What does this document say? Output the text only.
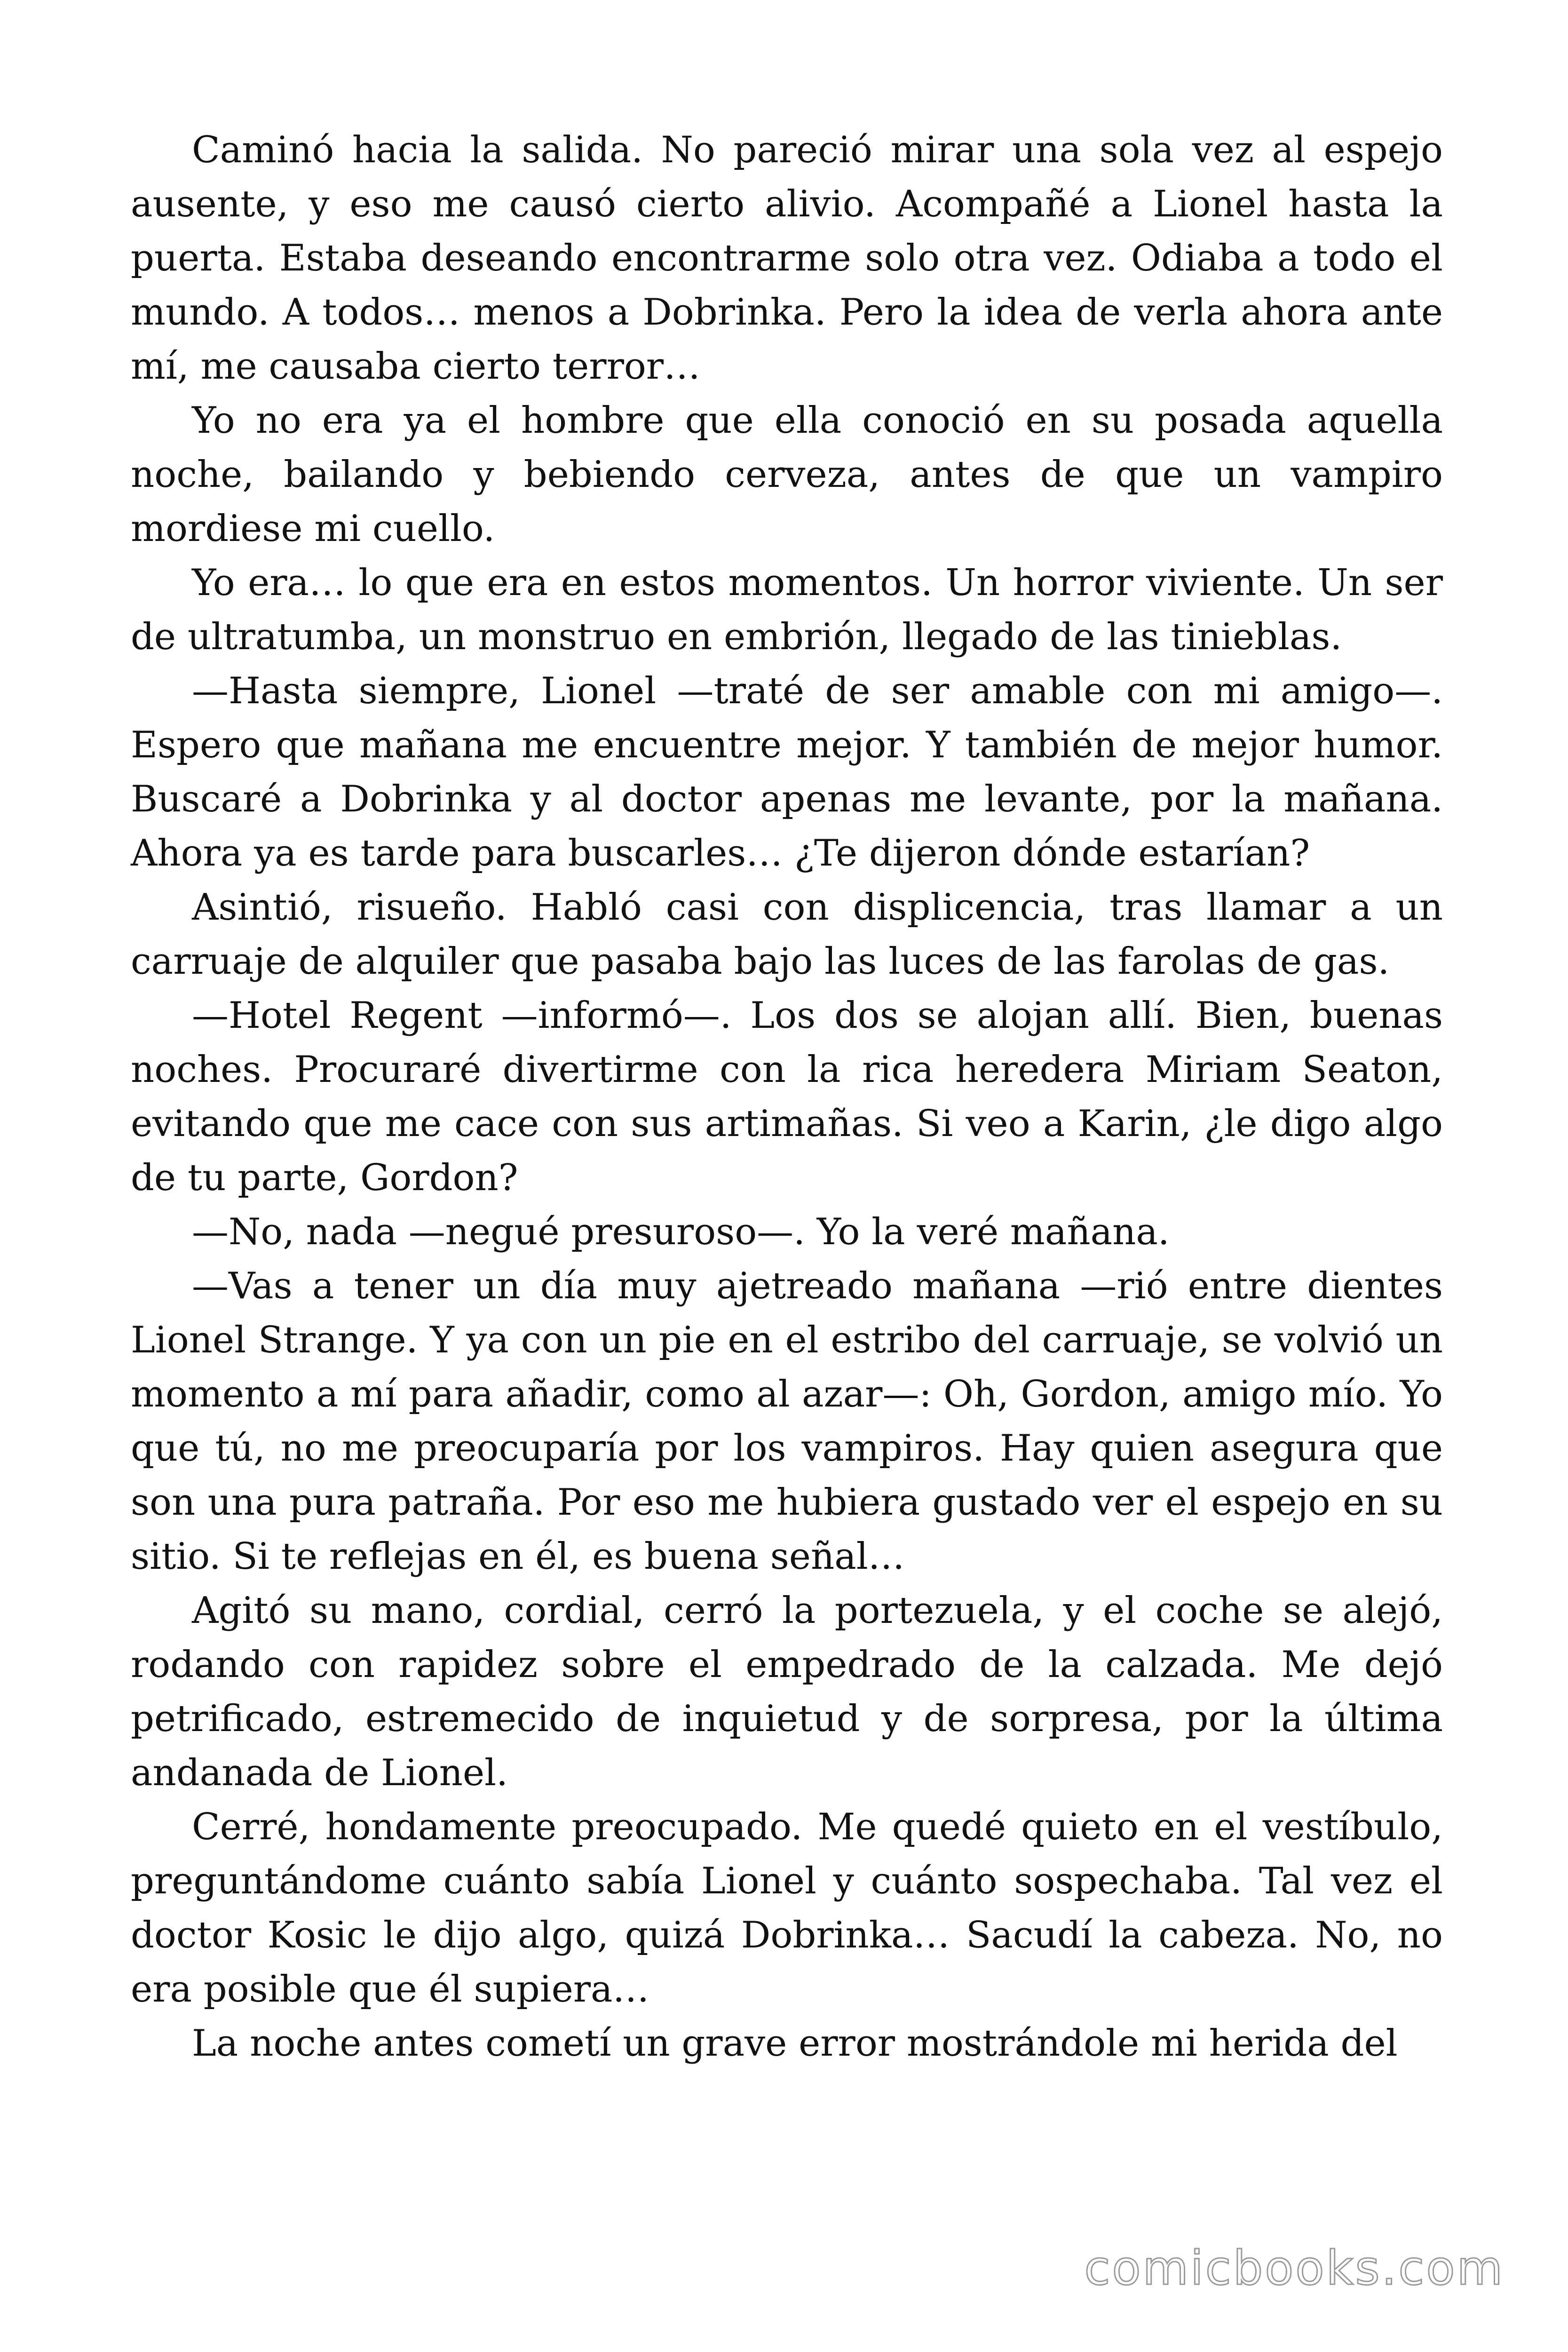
Caminó hacia la salida. No pareció mirar una sola vez al espejo ausente, y eso me causó cierto alivio. Acompañé a Lionel hasta la puerta. Estaba deseando encontrarme solo otra vez. Odiaba a todo el mundo. A todos… menos a Dobrinka. Pero la idea de verla ahora ante mí, me causaba cierto terror…

Yo no era ya el hombre que ella conoció en su posada aquella noche, bailando y bebiendo cerveza, antes de que un vampiro mordiese mi cuello.

Yo era… lo que era en estos momentos. Un horror viviente. Un ser de ultratumba, un monstruo en embrión, llegado de las tinieblas.

—Hasta siempre, Lionel —traté de ser amable con mi amigo—. Espero que mañana me encuentre mejor. Y también de mejor humor. Buscaré a Dobrinka y al doctor apenas me levante, por la mañana. Ahora ya es tarde para buscarles… ¿Te dijeron dónde estarían?

Asintió, risueño. Habló casi con displicencia, tras llamar a un carruaje de alquiler que pasaba bajo las luces de las farolas de gas.

—Hotel Regent —informó—. Los dos se alojan allí. Bien, buenas noches. Procuraré divertirme con la rica heredera Miriam Seaton, evitando que me cace con sus artimañas. Si veo a Karin, ¿le digo algo de tu parte, Gordon?

—No, nada —negué presuroso—. Yo la veré mañana.

—Vas a tener un día muy ajetreado mañana —rió entre dientes Lionel Strange. Y ya con un pie en el estribo del carruaje, se volvió un momento a mí para añadir, como al azar—: Oh, Gordon, amigo mío. Yo que tú, no me preocuparía por los vampiros. Hay quien asegura que son una pura patraña. Por eso me hubiera gustado ver el espejo en su sitio. Si te reflejas en él, es buena señal…

Agitó su mano, cordial, cerró la portezuela, y el coche se alejó, rodando con rapidez sobre el empedrado de la calzada. Me dejó petrificado, estremecido de inquietud y de sorpresa, por la última andanada de Lionel.

Cerré, hondamente preocupado. Me quedé quieto en el vestíbulo, preguntándome cuánto sabía Lionel y cuánto sospechaba. Tal vez el doctor Kosic le dijo algo, quizá Dobrinka… Sacudí la cabeza. No, no era posible que él supiera…

La noche antes cometí un grave error mostrándole mi herida del

comicbooks.com
